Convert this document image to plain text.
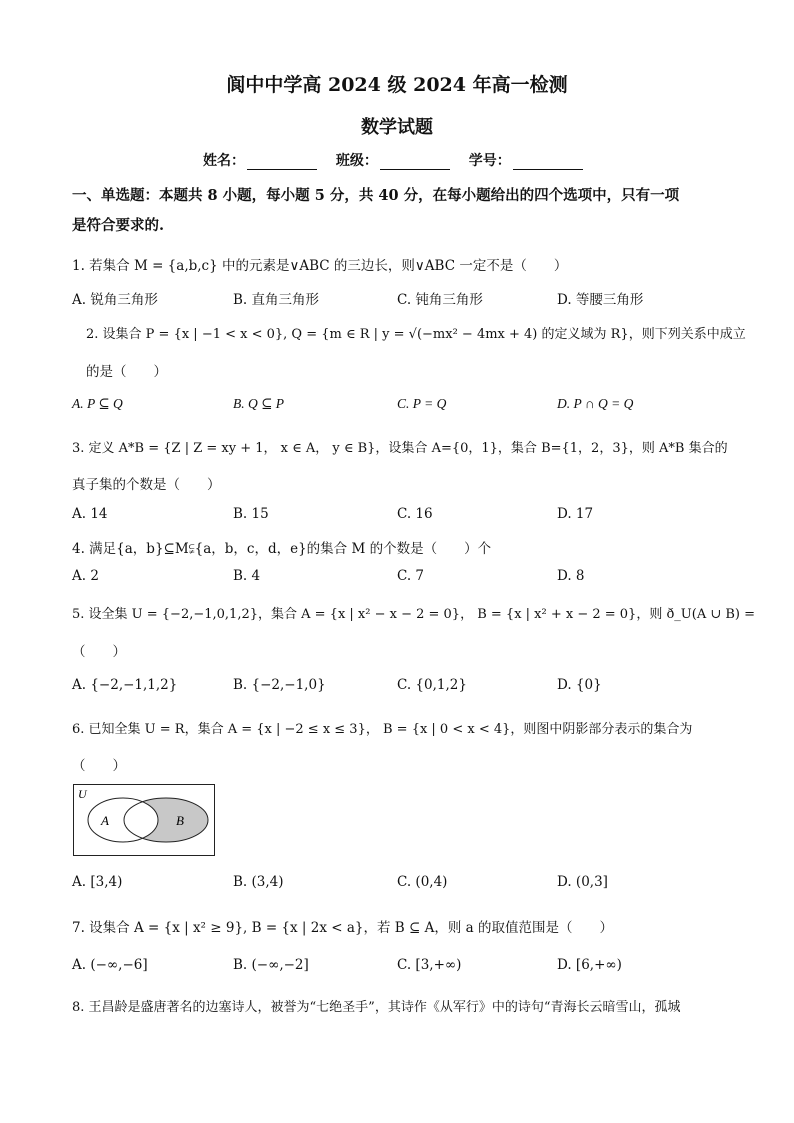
阆中中学高 2024 级 2024 年高一检测
数学试题
姓名：	班级：	学号：
一、单选题：本题共 8 小题，每小题 5 分，共 40 分，在每小题给出的四个选项中，只有一项
是符合要求的.
1. 若集合 M = {a,b,c} 中的元素是∨ABC 的三边长，则∨ABC 一定不是（　　）
A. 锐角三角形	B. 直角三角形	C. 钝角三角形	D. 等腰三角形
2. 设集合 P = {x | −1 < x < 0}, Q = {m ∈ R | y = √(−mx² − 4mx + 4) 的定义域为 R}，则下列关系中成立
的是（　　）
A. P ⊆ Q	B. Q ⊆ P	C. P = Q	D. P ∩ Q = Q
3. 定义 A*B = {Z | Z = xy + 1， x ∈ A， y ∈ B}，设集合 A={0，1}，集合 B={1，2，3}，则 A*B 集合的
真子集的个数是（　　）
A. 14	B. 15	C. 16	D. 17
4. 满足{a，b}⊆M⫋{a，b，c，d，e}的集合 M 的个数是（　　）个
A. 2	B. 4	C. 7	D. 8
5. 设全集 U = {−2,−1,0,1,2}，集合 A = {x | x² − x − 2 = 0}， B = {x | x² + x − 2 = 0}，则 ð_U(A ∪ B) =
（　　）
A. {−2,−1,1,2}	B. {−2,−1,0}	C. {0,1,2}	D. {0}
6. 已知全集 U = R，集合 A = {x | −2 ≤ x ≤ 3}， B = {x | 0 < x < 4}，则图中阴影部分表示的集合为
（　　）
U
A	B
A. [3,4)	B. (3,4)	C. (0,4)	D. (0,3]
7. 设集合 A = {x | x² ≥ 9}, B = {x | 2x < a}，若 B ⊆ A，则 a 的取值范围是（　　）
A. (−∞,−6]	B. (−∞,−2]	C. [3,+∞)	D. [6,+∞)
8. 王昌龄是盛唐著名的边塞诗人，被誉为“七绝圣手”，其诗作《从军行》中的诗句“青海长云暗雪山，孤城
